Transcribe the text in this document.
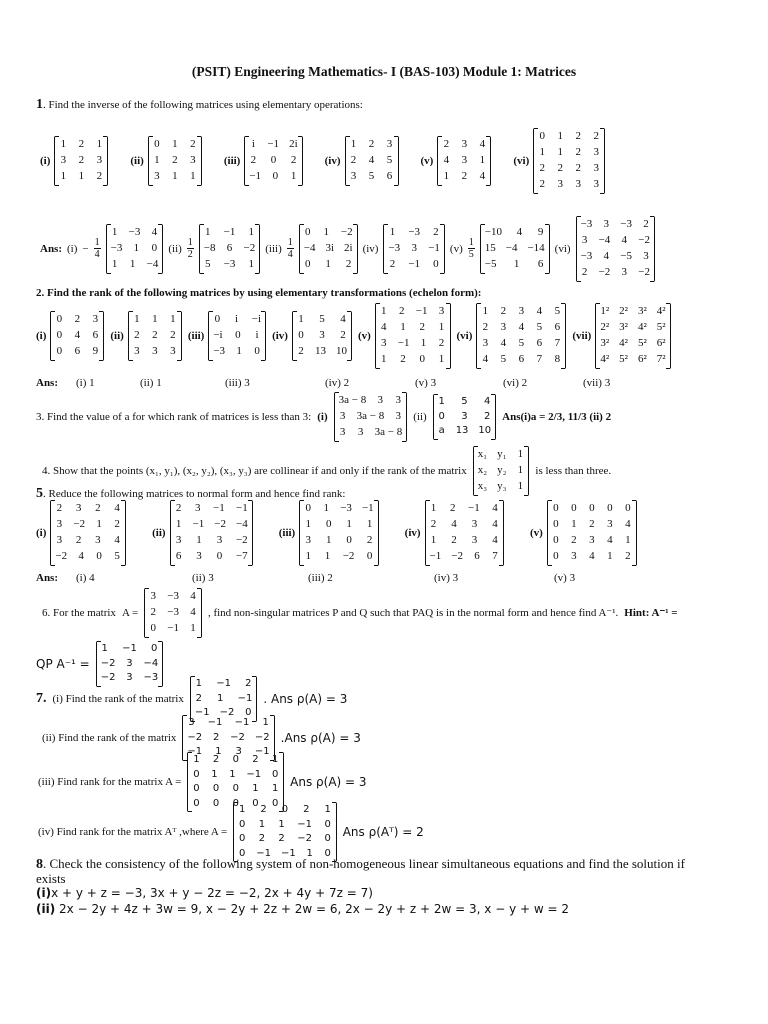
(PSIT) Engineering Mathematics- I (BAS-103) Module 1: Matrices
1. Find the inverse of the following matrices using elementary operations:
(i)
1 2 1
3 2 3
1 1 2
(ii)
0 1 2
1 2 3
3 1 1
(iii)
i −1 2i
2 0 2
−1 0 1
(iv)
1 2 3
2 4 5
3 5 6
(v)
2 3 4
4 3 1
1 2 4
(vi)
0 1 2 2
1 1 2 3
2 2 2 3
2 3 3 3
Ans: $(i) - \frac{1}{4}$
1 −3 4
−3 1 0
1 1 −4
$(ii) \frac{1}{2}$
1 −1 1
−8 6 −2
5 −3 1
$(iii) \frac{1}{4}$
0 1 −2
−4 3i 2i
0 1 2
(iv)
1 −3 2
−3 3 −1
2 −1 0
$(v) \frac{1}{5}$
−10 4 9
15 −4 −14
−5 1 6
(vi)
−3 3 −3 2
3 −4 4 −2
−3 4 −5 3
2 −2 3 −2
2. Find the rank of the following matrices by using elementary transformations (echelon form):
(i)
0 2 3
0 4 6
0 6 9
(ii)
1 1 1
2 2 2
3 3 3
(iii)
0 i −i
−i 0 i
−3 1 0
(iv)
1 5 4
0 3 2
2 13 10
(v)
1 2 −1 3
4 1 2 1
3 −1 1 2
1 2 0 1
(vi)
1 2 3 4 5
2 3 4 5 6
3 4 5 6 7
4 5 6 7 8
(vii)
1² 2² 3² 4²
2² 3² 4² 5²
3² 4² 5² 6²
4² 5² 6² 7²
Ans:	(i) 1	(ii) 1	(iii) 3	(iv) 2	(v) 3	(vi) 2	(vii) 3
3. Find the value of a for which rank of matrices is less than 3: (i)
3a − 8 3 3
3 3a − 8 3
3 3 3a − 8
(ii)
1 5 4
0 3 2
a 13 10
Ans(i)a = 2/3, 11/3 (ii) 2
4. Show that the points (x₁, y₁), (x₂, y₂), (x₃, y₃) are collinear if and only if the rank of the matrix
x₁ y₁ 1
x₂ y₂ 1
x₃ y₃ 1
is less than three.
5. Reduce the following matrices to normal form and hence find rank:
(i)
2 3 2 4
3 −2 1 2
3 2 3 4
−2 4 0 5
(ii)
2 3 −1 −1
1 −1 −2 −4
3 1 3 −2
6 3 0 −7
(iii)
0 1 −3 −1
1 0 1 1
3 1 0 2
1 1 −2 0
(iv)
1 2 −1 4
2 4 3 4
1 2 3 4
−1 −2 6 7
(v)
0 0 0 0 0
0 1 2 3 4
0 2 3 4 1
0 3 4 1 2
Ans:	(i) 4	(ii) 3	(iii) 2	(iv) 3	(v) 3
6. For the matrix A =
3 −3 4
2 −3 4
0 −1 1
, find non-singular matrices P and Q such that PAQ is in the normal form and hence find A⁻¹. Hint: A⁻¹ =
QP A⁻¹ =
1 −1 0
−2 3 −4
−2 3 −3
7. (i) Find the rank of the matrix
1 −1 2
2 1 −1
−1 −2 0
. Ans ρ(A) = 3
(ii) Find the rank of the matrix
3 −1 −1 1
−2 2 −2 −2
−1 1 3 −1
.Ans ρ(A) = 3
(iii) Find rank for the matrix A =
1 2 0 2 1
0 1 1 −1 0
0 0 0 1 1
0 0 0 0 0
Ans ρ(A) = 3
(iv) Find rank for the matrix Aᵀ ,where A =
1 2 0 2 1
0 1 1 −1 0
0 2 2 −2 0
0 −1 −1 1 0
Ans ρ(Aᵀ) = 2
8. Check the consistency of the following system of non-homogeneous linear simultaneous equations and find the solution if
exists
(i)x + y + z = −3, 3x + y − 2z = −2, 2x + 4y + 7z = 7)
(ii) 2x − 2y + 4z + 3w = 9, x − 2y + 2z + 2w = 6, 2x − 2y + z + 2w = 3, x − y + w = 2
